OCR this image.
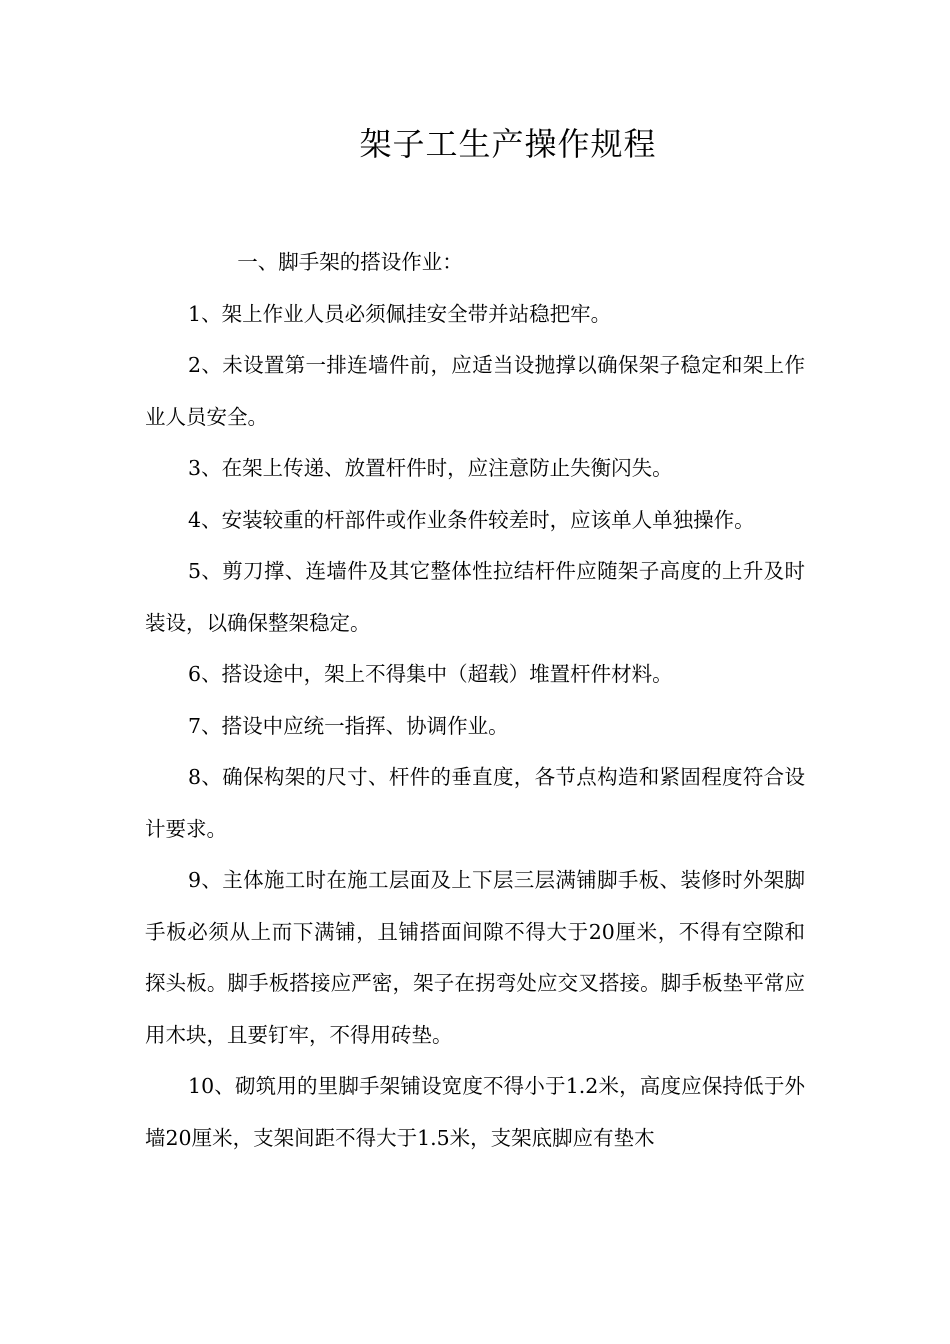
架子工生产操作规程

一、脚手架的搭设作业：

1、架上作业人员必须佩挂安全带并站稳把牢。

2、未设置第一排连墙件前，应适当设抛撑以确保架子稳定和架上作业人员安全。

3、在架上传递、放置杆件时，应注意防止失衡闪失。

4、安装较重的杆部件或作业条件较差时，应该单人单独操作。

5、剪刀撑、连墙件及其它整体性拉结杆件应随架子高度的上升及时装设，以确保整架稳定。

6、搭设途中，架上不得集中（超载）堆置杆件材料。

7、搭设中应统一指挥、协调作业。

8、确保构架的尺寸、杆件的垂直度，各节点构造和紧固程度符合设计要求。

9、主体施工时在施工层面及上下层三层满铺脚手板、装修时外架脚手板必须从上而下满铺，且铺搭面间隙不得大于20厘米，不得有空隙和探头板。脚手板搭接应严密，架子在拐弯处应交叉搭接。脚手板垫平常应用木块，且要钉牢，不得用砖垫。

10、砌筑用的里脚手架铺设宽度不得小于1.2米，高度应保持低于外墙20厘米，支架间距不得大于1.5米，支架底脚应有垫木
